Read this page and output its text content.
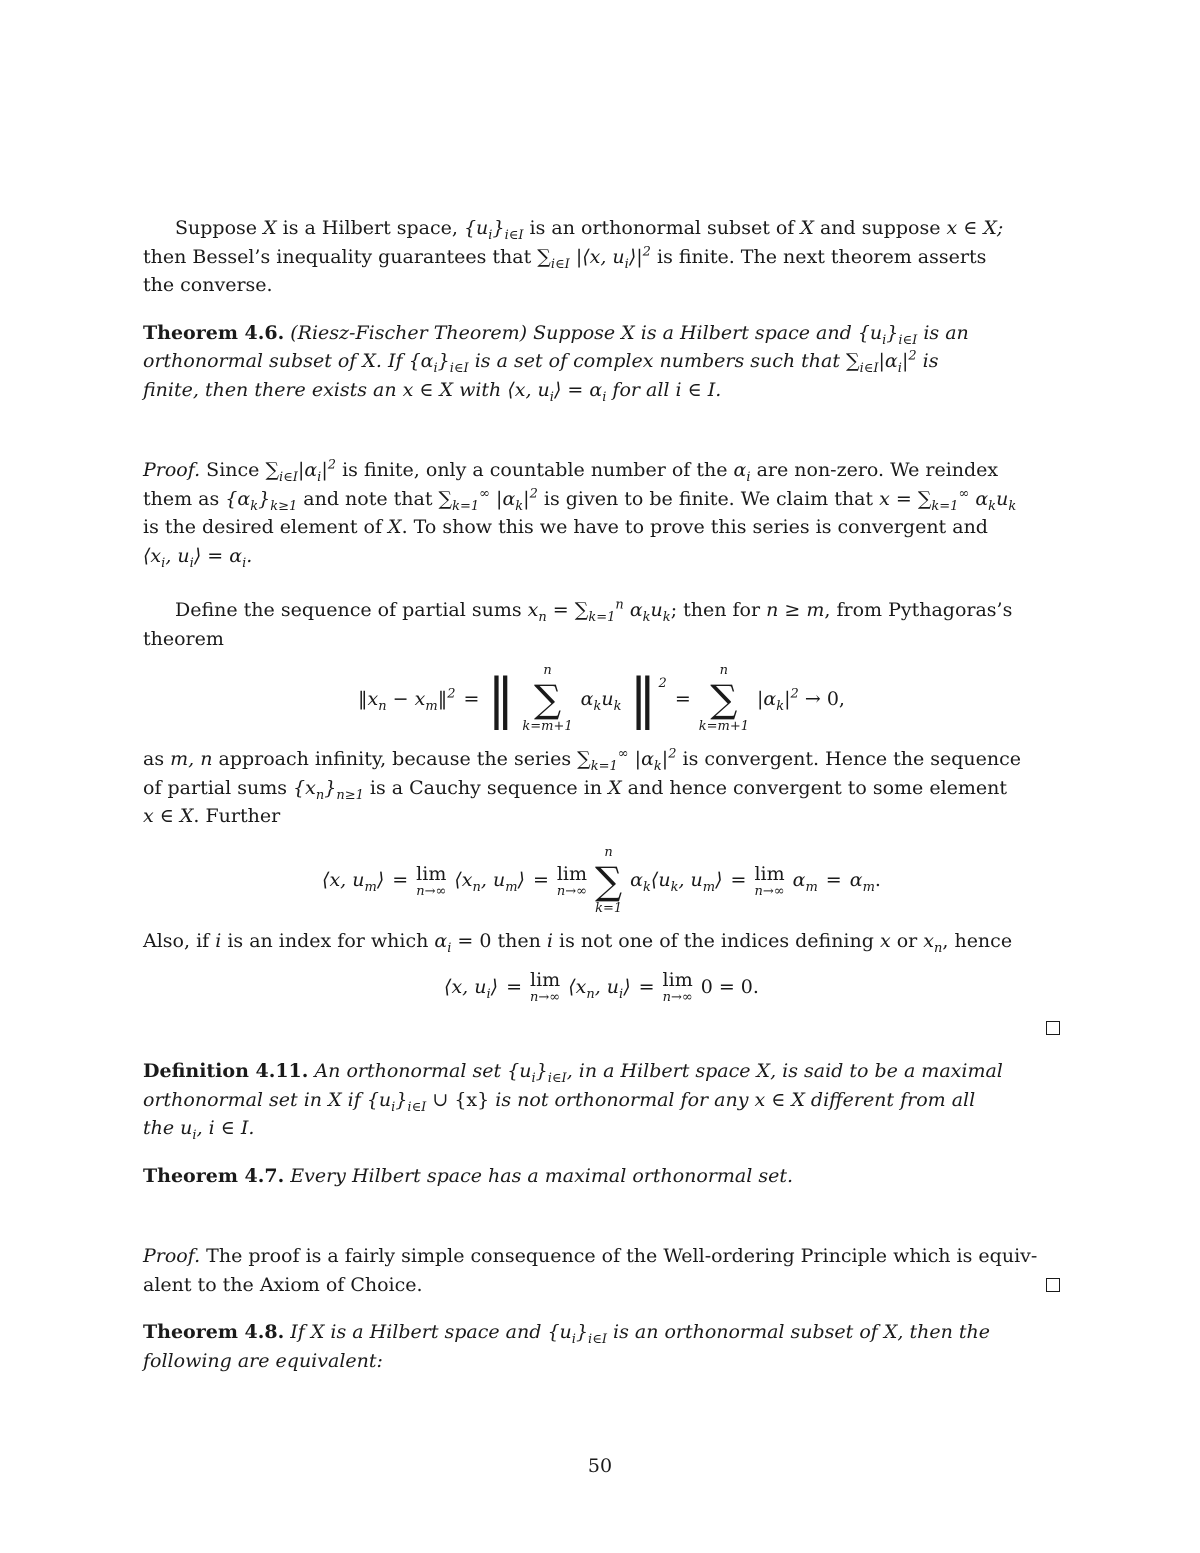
Suppose X is a Hilbert space, $\{u_i\}_{i\in I}$ is an orthonormal subset of X and suppose x ∈ X;
then Bessel’s inequality guarantees that $\sum_{i\in I}$ |⟨x, $u_i⟩|^2$ is finite. The next theorem asserts
the converse.

Theorem 4.6. (Riesz-Fischer Theorem) Suppose X is a Hilbert space and $\{u_i\}_{i\in I}$ is an
orthonormal subset of X. If $\{\alpha_i\}_{i\in I}$ is a set of complex numbers such that $\sum_{i\in I}|\alpha_i|^2$ is
finite, then there exists an x ∈ X with ⟨x, $u_i⟩ = \alpha_i$ for all i ∈ I.

Proof. Since $\sum_{i\in I}|\alpha_i|^2$ is finite, only a countable number of the $\alpha_i$ are non-zero. We reindex
them as $\{\alpha_k\}_{k\ge 1}$ and note that $\sum_{k=1}^\infty$ $|\alpha_k|^2$ is given to be finite. We claim that $x = \sum_{k=1}^\infty$ $\alpha_ku_k$
is the desired element of X. To show this we have to prove this series is convergent and
$⟨x_i$, $u_i⟩ = \alpha_i$.

Define the sequence of partial sums $x_n = \sum_{k=1}^n$ $\alpha_ku_k$; then for n ≥ m, from Pythagoras’s
theorem

$‖x_n$ − $x_m‖^2$ = ‖ n
∑
k=m+1
$\alpha_ku_k$ ‖ 2
=
n
∑
k=m+1
$|\alpha_k|^2 \to 0$,

as m, n approach infinity, because the series $\sum_{k=1}^\infty$ $|\alpha_k|^2$ is convergent. Hence the sequence
of partial sums $\{x_n\}_{n\ge 1}$ is a Cauchy sequence in X and hence convergent to some element
x ∈ X. Further

⟨x, $u_m⟩ = \lim$
n→∞ $⟨x_n$, $u_m⟩ = \lim$
n→∞
n
∑
k=1
$\alpha_k⟨u_k$, $u_m⟩ = \lim$
n→∞ $\alpha_m = \alpha_m$.

Also, if i is an index for which $\alpha_i = 0$ then i is not one of the indices defining x or $x_n$, hence

⟨x, $u_i⟩ = \lim$
n→∞ $⟨x_n$, $u_i⟩ = \lim$
n→∞ 0 = 0.

Definition 4.11. An orthonormal set $\{u_i\}_{i\in I}$, in a Hilbert space X, is said to be a maximal
orthonormal set in X if $\{u_i\}_{i\in I}$ ∪ {x} is not orthonormal for any x ∈ X different from all
the $u_i$, i ∈ I.

Theorem 4.7. Every Hilbert space has a maximal orthonormal set.

Proof. The proof is a fairly simple consequence of the Well-ordering Principle which is equiv-
alent to the Axiom of Choice.

Theorem 4.8. If X is a Hilbert space and $\{u_i\}_{i\in I}$ is an orthonormal subset of X, then the
following are equivalent:

50
